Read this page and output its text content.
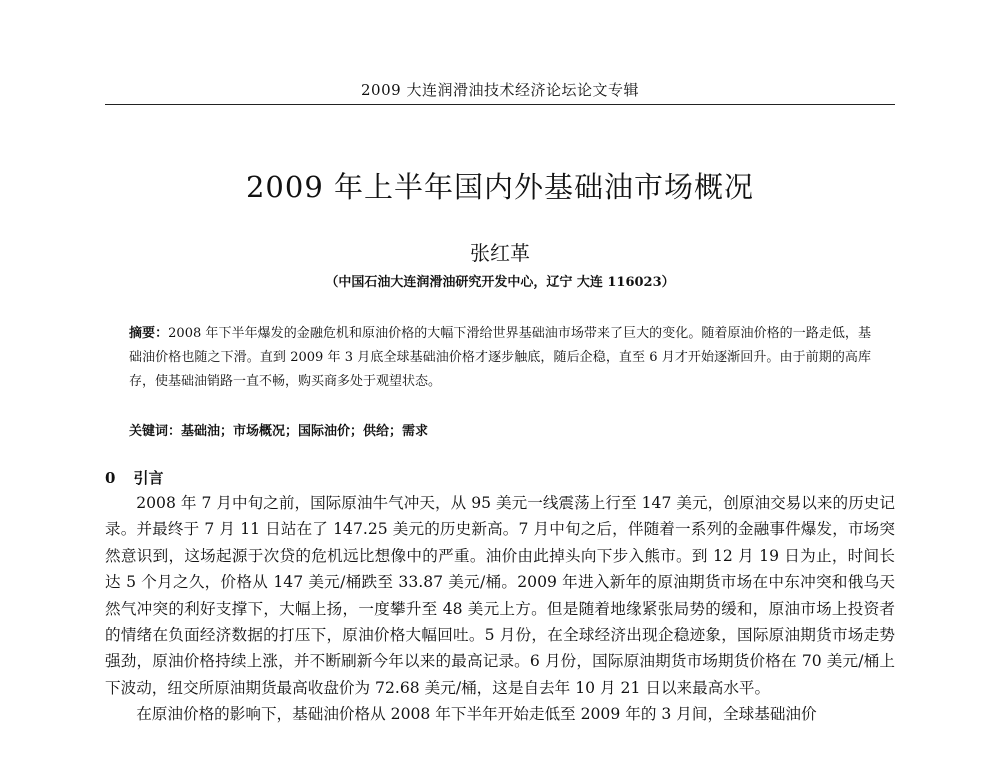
2009 大连润滑油技术经济论坛论文专辑
2009 年上半年国内外基础油市场概况
张红革
（中国石油大连润滑油研究开发中心，辽宁 大连 116023）
摘要：2008 年下半年爆发的金融危机和原油价格的大幅下滑给世界基础油市场带来了巨大的变化。随着原油价格的一路走低，基础油价格也随之下滑。直到 2009 年 3 月底全球基础油价格才逐步触底，随后企稳，直至 6 月才开始逐渐回升。由于前期的高库存，使基础油销路一直不畅，购买商多处于观望状态。
关键词：基础油；市场概况；国际油价；供给；需求
0 引言

2008 年 7 月中旬之前，国际原油牛气冲天，从 95 美元一线震荡上行至 147 美元，创原油交易以来的历史记录。并最终于 7 月 11 日站在了 147.25 美元的历史新高。7 月中旬之后，伴随着一系列的金融事件爆发，市场突然意识到，这场起源于次贷的危机远比想像中的严重。油价由此掉头向下步入熊市。到 12 月 19 日为止，时间长达 5 个月之久，价格从 147 美元/桶跌至 33.87 美元/桶。2009 年进入新年的原油期货市场在中东冲突和俄乌天然气冲突的利好支撑下，大幅上扬，一度攀升至 48 美元上方。但是随着地缘紧张局势的缓和，原油市场上投资者的情绪在负面经济数据的打压下，原油价格大幅回吐。5 月份，在全球经济出现企稳迹象，国际原油期货市场走势强劲，原油价格持续上涨，并不断刷新今年以来的最高记录。6 月份，国际原油期货市场期货价格在 70 美元/桶上下波动，纽交所原油期货最高收盘价为 72.68 美元/桶，这是自去年 10 月 21 日以来最高水平。

在原油价格的影响下，基础油价格从 2008 年下半年开始走低至 2009 年的 3 月间，全球基础油价
